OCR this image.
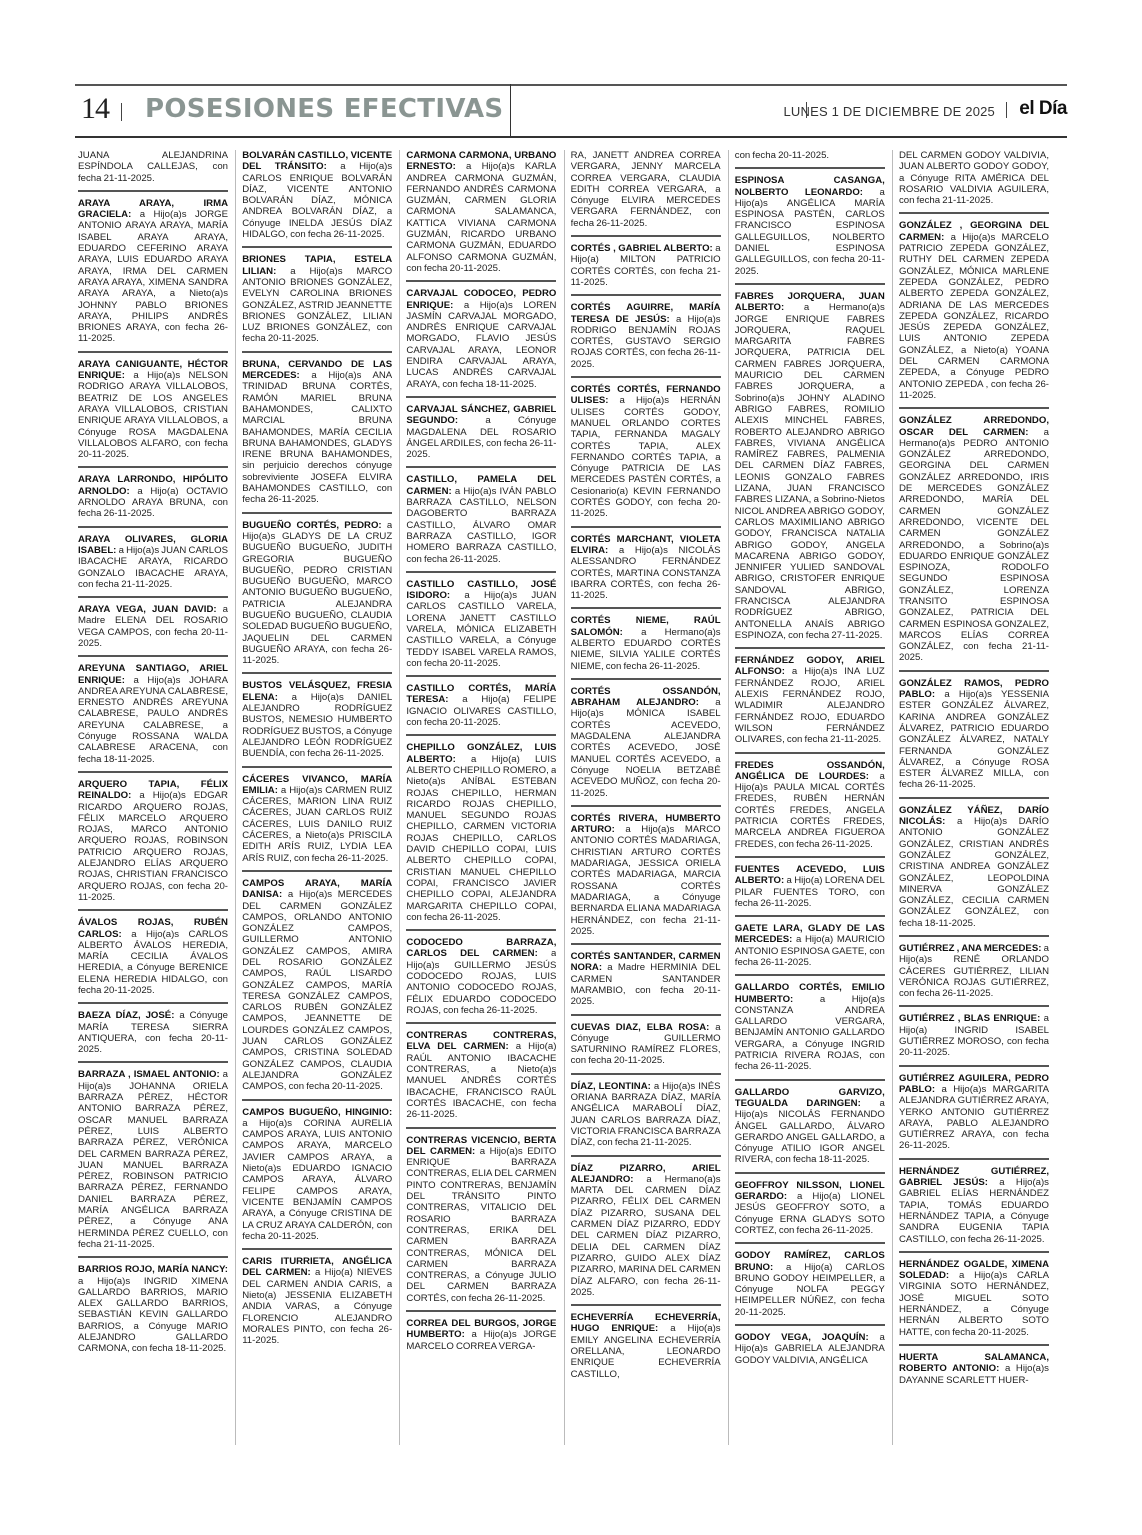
14 POSESIONES EFECTIVAS	LUNES 1 DE DICIEMBRE DE 2025 el Día
JUANA ALEJANDRINA ESPÍNDOLA CALLEJAS, con fecha 21-11-2025.
ARAYA ARAYA, IRMA GRACIELA: a Hijo(a)s JORGE ANTONIO ARAYA ARAYA, MARÍA ISABEL ARAYA ARAYA, EDUARDO CEFERINO ARAYA ARAYA, LUIS EDUARDO ARAYA ARAYA, IRMA DEL CARMEN ARAYA ARAYA, XIMENA SANDRA ARAYA ARAYA, a Nieto(a)s JOHNNY PABLO BRIONES ARAYA, PHILIPS ANDRÉS BRIONES ARAYA, con fecha 26-11-2025.
ARAYA CANIGUANTE, HÉCTOR ENRIQUE: a Hijo(a)s NELSON RODRIGO ARAYA VILLALOBOS, BEATRIZ DE LOS ANGELES ARAYA VILLALOBOS, CRISTIAN ENRIQUE ARAYA VILLALOBOS, a Cónyuge ROSA MAGDALENA VILLALOBOS ALFARO, con fecha 20-11-2025.
ARAYA LARRONDO, HIPÓLITO ARNOLDO: a Hijo(a) OCTAVIO ARNOLDO ARAYA BRUNA, con fecha 26-11-2025.
ARAYA OLIVARES, GLORIA ISABEL: a Hijo(a)s JUAN CARLOS IBACACHE ARAYA, RICARDO GONZALO IBACACHE ARAYA, con fecha 21-11-2025.
ARAYA VEGA, JUAN DAVID: a Madre ELENA DEL ROSARIO VEGA CAMPOS, con fecha 20-11-2025.
AREYUNA SANTIAGO, ARIEL ENRIQUE: a Hijo(a)s JOHARA ANDREA AREYUNA CALABRESE, ERNESTO ANDRÉS AREYUNA CALABRESE, PAULO ANDRÉS AREYUNA CALABRESE, a Cónyuge ROSSANA WALDA CALABRESE ARACENA, con fecha 18-11-2025.
ARQUERO TAPIA, FÉLIX REINALDO: a Hijo(a)s EDGAR RICARDO ARQUERO ROJAS, FÉLIX MARCELO ARQUERO ROJAS, MARCO ANTONIO ARQUERO ROJAS, ROBINSON PATRICIO ARQUERO ROJAS, ALEJANDRO ELÍAS ARQUERO ROJAS, CHRISTIAN FRANCISCO ARQUERO ROJAS, con fecha 20-11-2025.
ÁVALOS ROJAS, RUBÉN CARLOS: a Hijo(a)s CARLOS ALBERTO ÁVALOS HEREDIA, MARÍA CECILIA ÁVALOS HEREDIA, a Cónyuge BERENICE ELENA HEREDIA HIDALGO, con fecha 20-11-2025.
BAEZA DÍAZ, JOSÉ: a Cónyuge MARÍA TERESA SIERRA ANTIQUERA, con fecha 20-11-2025.
BARRAZA , ISMAEL ANTONIO: a Hijo(a)s JOHANNA ORIELA BARRAZA PÉREZ, HÉCTOR ANTONIO BARRAZA PÉREZ, OSCAR MANUEL BARRAZA PÉREZ, LUIS ALBERTO BARRAZA PÉREZ, VERÓNICA DEL CARMEN BARRAZA PÉREZ, JUAN MANUEL BARRAZA PÉREZ, ROBINSON PATRICIO BARRAZA PÉREZ, FERNANDO DANIEL BARRAZA PÉREZ, MARÍA ANGÉLICA BARRAZA PÉREZ, a Cónyuge ANA HERMINDA PÉREZ CUELLO, con fecha 21-11-2025.
BARRIOS ROJO, MARÍA NANCY: a Hijo(a)s INGRID XIMENA GALLARDO BARRIOS, MARIO ALEX GALLARDO BARRIOS, SEBASTIÁN KEVIN GALLARDO BARRIOS, a Cónyuge MARIO ALEJANDRO GALLARDO CARMONA, con fecha 18-11-2025.
BOLVARÁN CASTILLO, VICENTE DEL TRÁNSITO: a Hijo(a)s CARLOS ENRIQUE BOLVARÁN DÍAZ, VICENTE ANTONIO BOLVARÁN DÍAZ, MÓNICA ANDREA BOLVARÁN DÍAZ, a Cónyuge INELDA JESÚS DÍAZ HIDALGO, con fecha 26-11-2025.
BRIONES TAPIA, ESTELA LILIAN: a Hijo(a)s MARCO ANTONIO BRIONES GONZÁLEZ, EVELYN CAROLINA BRIONES GONZÁLEZ, ASTRID JEANNETTE BRIONES GONZÁLEZ, LILIAN LUZ BRIONES GONZÁLEZ, con fecha 20-11-2025.
BRUNA, CERVANDO DE LAS MERCEDES: a Hijo(a)s ANA TRINIDAD BRUNA CORTÉS, RAMÓN MARIEL BRUNA BAHAMONDES, CALIXTO MARCIAL BRUNA BAHAMONDES, MARÍA CECILIA BRUNA BAHAMONDES, GLADYS IRENE BRUNA BAHAMONDES, sin perjuicio derechos cónyuge sobreviviente JOSEFA ELVIRA BAHAMONDES CASTILLO, con fecha 26-11-2025.
BUGUEÑO CORTÉS, PEDRO: a Hijo(a)s GLADYS DE LA CRUZ BUGUEÑO BUGUEÑO, JUDITH GREGORIA BUGUEÑO BUGUEÑO, PEDRO CRISTIAN BUGUEÑO BUGUEÑO, MARCO ANTONIO BUGUEÑO BUGUEÑO, PATRICIA ALEJANDRA BUGUEÑO BUGUEÑO, CLAUDIA SOLEDAD BUGUEÑO BUGUEÑO, JAQUELIN DEL CARMEN BUGUEÑO ARAYA, con fecha 26-11-2025.
BUSTOS VELÁSQUEZ, FRESIA ELENA: a Hijo(a)s DANIEL ALEJANDRO RODRÍGUEZ BUSTOS, NEMESIO HUMBERTO RODRÍGUEZ BUSTOS, a Cónyuge ALEJANDRO LEÓN RODRÍGUEZ BUENDÍA, con fecha 26-11-2025.
CÁCERES VIVANCO, MARÍA EMILIA: a Hijo(a)s CARMEN RUIZ CÁCERES, MARION LINA RUIZ CÁCERES, JUAN CARLOS RUIZ CÁCERES, LUIS DANILO RUIZ CÁCERES, a Nieto(a)s PRISCILA EDITH ARÍS RUIZ, LYDIA LEA ARÍS RUIZ, con fecha 26-11-2025.
CAMPOS ARAYA, MARÍA DANISA: a Hijo(a)s MERCEDES DEL CARMEN GONZÁLEZ CAMPOS, ORLANDO ANTONIO GONZÁLEZ CAMPOS, GUILLERMO ANTONIO GONZÁLEZ CAMPOS, AMIRA DEL ROSARIO GONZÁLEZ CAMPOS, RAÚL LISARDO GONZÁLEZ CAMPOS, MARÍA TERESA GONZÁLEZ CAMPOS, CARLOS RUBÉN GONZÁLEZ CAMPOS, JEANNETTE DE LOURDES GONZÁLEZ CAMPOS, JUAN CARLOS GONZÁLEZ CAMPOS, CRISTINA SOLEDAD GONZÁLEZ CAMPOS, CLAUDIA ALEJANDRA GONZÁLEZ CAMPOS, con fecha 20-11-2025.
CAMPOS BUGUEÑO, HINGINIO: a Hijo(a)s CORINA AURELIA CAMPOS ARAYA, LUIS ANTONIO CAMPOS ARAYA, MARCELO JAVIER CAMPOS ARAYA, a Nieto(a)s EDUARDO IGNACIO CAMPOS ARAYA, ÁLVARO FELIPE CAMPOS ARAYA, VICENTE BENJAMÍN CAMPOS ARAYA, a Cónyuge CRISTINA DE LA CRUZ ARAYA CALDERÓN, con fecha 20-11-2025.
CARIS ITURRIETA, ANGÉLICA DEL CARMEN: a Hijo(a) NIEVES DEL CARMEN ANDIA CARIS, a Nieto(a) JESSENIA ELIZABETH ANDIA VARAS, a Cónyuge FLORENCIO ALEJANDRO MORALES PINTO, con fecha 26-11-2025.
CARMONA CARMONA, URBANO ERNESTO: a Hijo(a)s KARLA ANDREA CARMONA GUZMÁN, FERNANDO ANDRÉS CARMONA GUZMÁN, CARMEN GLORIA CARMONA SALAMANCA, KATTICA VIVIANA CARMONA GUZMÁN, RICARDO URBANO CARMONA GUZMÁN, EDUARDO ALFONSO CARMONA GUZMÁN, con fecha 20-11-2025.
CARVAJAL CODOCEO, PEDRO ENRIQUE: a Hijo(a)s LOREN JASMÍN CARVAJAL MORGADO, ANDRÉS ENRIQUE CARVAJAL MORGADO, FLAVIO JESÚS CARVAJAL ARAYA, LEONOR ENDIRA CARVAJAL ARAYA, LUCAS ANDRÉS CARVAJAL ARAYA, con fecha 18-11-2025.
CARVAJAL SÁNCHEZ, GABRIEL SEGUNDO:	a Cónyuge MAGDALENA DEL ROSARIO ÁNGEL ARDILES, con fecha 26-11-2025.
CASTILLO, PAMELA DEL CARMEN: a Hijo(a)s IVÁN PABLO BARRAZA CASTILLO, NELSON DAGOBERTO BARRAZA CASTILLO, ÁLVARO OMAR BARRAZA CASTILLO, IGOR HOMERO BARRAZA CASTILLO, con fecha 26-11-2025.
CASTILLO CASTILLO, JOSÉ ISIDORO: a Hijo(a)s JUAN CARLOS CASTILLO VARELA, LORENA JANETT CASTILLO VARELA, MÓNICA ELIZABETH CASTILLO VARELA, a Cónyuge TEDDY ISABEL VARELA RAMOS, con fecha 20-11-2025.
CASTILLO CORTÉS, MARÍA TERESA: a Hijo(a) FELIPE IGNACIO OLIVARES CASTILLO, con fecha 20-11-2025.
CHEPILLO GONZÁLEZ, LUIS ALBERTO: a Hijo(a) LUIS ALBERTO CHEPILLO ROMERO, a Nieto(a)s ANÍBAL ESTEBAN ROJAS CHEPILLO, HERMAN RICARDO ROJAS CHEPILLO, MANUEL SEGUNDO ROJAS CHEPILLO, CARMEN VICTORIA ROJAS CHEPILLO, CARLOS DAVID CHEPILLO COPAI, LUIS ALBERTO CHEPILLO COPAI, CRISTIAN MANUEL CHEPILLO COPAI, FRANCISCO JAVIER CHEPILLO COPAI, ALEJANDRA MARGARITA CHEPILLO COPAI, con fecha 26-11-2025.
CODOCEDO BARRAZA, CARLOS DEL CARMEN: a Hijo(a)s GUILLERMO JESÚS CODOCEDO ROJAS, LUIS ANTONIO CODOCEDO ROJAS, FÉLIX EDUARDO CODOCEDO ROJAS, con fecha 26-11-2025.
CONTRERAS CONTRERAS, ELVA DEL CARMEN: a Hijo(a) RAÚL ANTONIO IBACACHE CONTRERAS, a Nieto(a)s MANUEL ANDRÉS CORTÉS IBACACHE, FRANCISCO RAÚL CORTÉS IBACACHE, con fecha 26-11-2025.
CONTRERAS VICENCIO, BERTA DEL CARMEN: a Hijo(a)s EDITO ENRIQUE BARRAZA CONTRERAS, ELIA DEL CARMEN PINTO CONTRERAS, BENJAMÍN DEL TRÁNSITO PINTO CONTRERAS, VITALICIO DEL ROSARIO BARRAZA CONTRERAS, ERIKA DEL CARMEN BARRAZA CONTRERAS, MÓNICA DEL CARMEN BARRAZA CONTRERAS, a Cónyuge JULIO DEL CARMEN BARRAZA CORTÉS, con fecha 26-11-2025.
CORREA DEL BURGOS, JORGE HUMBERTO: a Hijo(a)s JORGE MARCELO CORREA VERGA-
RA, JANETT ANDREA CORREA VERGARA, JENNY MARCELA CORREA VERGARA, CLAUDIA EDITH CORREA VERGARA, a Cónyuge ELVIRA MERCEDES VERGARA FERNÁNDEZ, con fecha 26-11-2025.
CORTÉS , GABRIEL ALBERTO: a Hijo(a) MILTON PATRICIO CORTÉS CORTÉS, con fecha 21-11-2025.
CORTÉS AGUIRRE, MARÍA TERESA DE JESÚS: a Hijo(a)s RODRIGO BENJAMÍN ROJAS CORTÉS, GUSTAVO SERGIO ROJAS CORTÉS, con fecha 26-11-2025.
CORTÉS CORTÉS, FERNANDO ULISES: a Hijo(a)s HERNÁN ULISES CORTÉS GODOY, MANUEL ORLANDO CORTES TAPIA, FERNANDA MAGALY CORTÉS TAPIA, ALEX FERNANDO CORTÉS TAPIA, a Cónyuge PATRICIA DE LAS MERCEDES PASTÉN CORTÉS, a Cesionario(a) KEVIN FERNANDO CORTÉS GODOY, con fecha 20-11-2025.
CORTÉS MARCHANT, VIOLETA ELVIRA: a Hijo(a)s NICOLÁS ALESSANDRO FERNÁNDEZ CORTÉS, MARTINA CONSTANZA IBARRA CORTÉS, con fecha 26-11-2025.
CORTÉS NIEME, RAÚL SALOMÓN: a Hermano(a)s ALBERTO EDUARDO CORTÉS NIEME, SILVIA YALILE CORTÉS NIEME, con fecha 26-11-2025.
CORTÉS OSSANDÓN, ABRAHAM ALEJANDRO: a Hijo(a)s MÓNICA ISABEL CORTÉS ACEVEDO, MAGDALENA ALEJANDRA CORTÉS ACEVEDO, JOSÉ MANUEL CORTÉS ACEVEDO, a Cónyuge NOELIA BETZABÉ ACEVEDO MUÑOZ, con fecha 20-11-2025.
CORTÉS RIVERA, HUMBERTO ARTURO: a Hijo(a)s MARCO ANTONIO CORTÉS MADARIAGA, CHRISTIAN ARTURO CORTÉS MADARIAGA, JESSICA ORIELA CORTÉS MADARIAGA, MARCIA ROSSANA CORTÉS MADARIAGA, a Cónyuge BERNARDA ELIANA MADARIAGA HERNÁNDEZ, con fecha 21-11-2025.
CORTÉS SANTANDER, CARMEN NORA: a Madre HERMINIA DEL CARMEN SANTANDER MARAMBIO, con fecha 20-11-2025.
CUEVAS DIAZ, ELBA ROSA: a Cónyuge GUILLERMO SATURNINO RAMÍREZ FLORES, con fecha 20-11-2025.
DÍAZ, LEONTINA: a Hijo(a)s INÉS ORIANA BARRAZA DÍAZ, MARÍA ANGÉLICA MARABOLÍ DÍAZ, JUAN CARLOS BARRAZA DÍAZ, VICTORIA FRANCISCA BARRAZA DÍAZ, con fecha 21-11-2025.
DÍAZ PIZARRO, ARIEL ALEJANDRO: a Hermano(a)s MARTA DEL CARMEN DÍAZ PIZARRO, FÉLIX DEL CARMEN DÍAZ PIZARRO, SUSANA DEL CARMEN DÍAZ PIZARRO, EDDY DEL CARMEN DÍAZ PIZARRO, DELIA DEL CARMEN DÍAZ PIZARRO, GUIDO ALEX DÍAZ PIZARRO, MARINA DEL CARMEN DÍAZ ALFARO, con fecha 26-11-2025.
ECHEVERRÍA ECHEVERRÍA, HUGO ENRIQUE: a Hijo(a)s EMILY ANGELINA ECHEVERRÍA ORELLANA, LEONARDO ENRIQUE ECHEVERRÍA CASTILLO,
con fecha 20-11-2025.
ESPINOSA CASANGA, NOLBERTO LEONARDO: a Hijo(a)s ANGÉLICA MARÍA ESPINOSA PASTÉN, CARLOS FRANCISCO ESPINOSA GALLEGUILLOS, NOLBERTO DANIEL ESPINOSA GALLEGUILLOS, con fecha 20-11-2025.
FABRES JORQUERA, JUAN ALBERTO: a Hermano(a)s JORGE ENRIQUE FABRES JORQUERA, RAQUEL MARGARITA FABRES JORQUERA, PATRICIA DEL CARMEN FABRES JORQUERA, MAURICIO DEL CARMEN FABRES JORQUERA, a Sobrino(a)s JOHNY ALADINO ABRIGO FABRES, ROMILIO ALEXIS MINCHEL FABRES, ROBERTO ALEJANDRO ABRIGO FABRES, VIVIANA ANGÉLICA RAMÍREZ FABRES, PALMENIA DEL CARMEN DÍAZ FABRES, LEONIS GONZALO FABRES LIZANA, JUAN FRANCISCO FABRES LIZANA, a Sobrino-Nietos NICOL ANDREA ABRIGO GODOY, CARLOS MAXIMILIANO ABRIGO GODOY, FRANCISCA NATALIA ABRIGO GODOY, ANGELA MACARENA ABRIGO GODOY, JENNIFER YULIED SANDOVAL ABRIGO, CRISTOFER ENRIQUE SANDOVAL ABRIGO, FRANCISCA ALEJANDRA RODRÍGUEZ ABRIGO, ANTONELLA ANAÍS ABRIGO ESPINOZA, con fecha 27-11-2025.
FERNÁNDEZ GODOY, ARIEL ALFONSO: a Hijo(a)s INA LUZ FERNÁNDEZ ROJO, ARIEL ALEXIS FERNÁNDEZ ROJO, WLADIMIR ALEJANDRO FERNÁNDEZ ROJO, EDUARDO WILSON FERNÁNDEZ OLIVARES, con fecha 21-11-2025.
FREDES OSSANDÓN, ANGÉLICA DE LOURDES: a Hijo(a)s PAULA MICAL CORTÉS FREDES, RUBÉN HERNÁN CORTÉS FREDES, ANGELA PATRICIA CORTÉS FREDES, MARCELA ANDREA FIGUEROA FREDES, con fecha 26-11-2025.
FUENTES ACEVEDO, LUIS ALBERTO: a Hijo(a) LORENA DEL PILAR FUENTES TORO, con fecha 26-11-2025.
GAETE LARA, GLADY DE LAS MERCEDES: a Hijo(a) MAURICIO ANTONIO ESPINOSA GAETE, con fecha 26-11-2025.
GALLARDO CORTÉS, EMILIO HUMBERTO:	a Hijo(a)s CONSTANZA ANDREA GALLARDO VERGARA, BENJAMÍN ANTONIO GALLARDO VERGARA, a Cónyuge INGRID PATRICIA RIVERA ROJAS, con fecha 26-11-2025.
GALLARDO GARVIZO, TEGUALDA DARINGEN: a Hijo(a)s NICOLÁS FERNANDO ÁNGEL GALLARDO, ÁLVARO GERARDO ANGEL GALLARDO, a Cónyuge ATILIO IGOR ANGEL RIVERA, con fecha 18-11-2025.
GEOFFROY NILSSON, LIONEL GERARDO: a Hijo(a) LIONEL JESÚS GEOFFROY SOTO, a Cónyuge ERNA GLADYS SOTO CORTEZ, con fecha 26-11-2025.
GODOY RAMÍREZ, CARLOS BRUNO: a Hijo(a) CARLOS BRUNO GODOY HEIMPELLER, a Cónyuge NOLFA PEGGY HEIMPELLER NÚÑEZ, con fecha 20-11-2025.
GODOY VEGA, JOAQUÍN: a Hijo(a)s GABRIELA ALEJANDRA GODOY VALDIVIA, ANGÉLICA
DEL CARMEN GODOY VALDIVIA, JUAN ALBERTO GODOY GODOY, a Cónyuge RITA AMÉRICA DEL ROSARIO VALDIVIA AGUILERA, con fecha 21-11-2025.
GONZÁLEZ , GEORGINA DEL CARMEN: a Hijo(a)s MARCELO PATRICIO ZEPEDA GONZÁLEZ, RUTHY DEL CARMEN ZEPEDA GONZÁLEZ, MÓNICA MARLENE ZEPEDA GONZÁLEZ, PEDRO ALBERTO ZEPEDA GONZÁLEZ, ADRIANA DE LAS MERCEDES ZEPEDA GONZÁLEZ, RICARDO JESÚS ZEPEDA GONZÁLEZ, LUIS ANTONIO ZEPEDA GONZÁLEZ, a Nieto(a) YOANA DEL CARMEN CARMONA ZEPEDA, a Cónyuge PEDRO ANTONIO ZEPEDA , con fecha 26-11-2025.
GONZÁLEZ ARREDONDO, OSCAR DEL CARMEN: a Hermano(a)s PEDRO ANTONIO GONZÁLEZ ARREDONDO, GEORGINA DEL CARMEN GONZÁLEZ ARREDONDO, IRIS DE MERCEDES GONZÁLEZ ARREDONDO, MARÍA DEL CARMEN GONZÁLEZ ARREDONDO, VICENTE DEL CARMEN GONZÁLEZ ARREDONDO, a Sobrino(a)s EDUARDO ENRIQUE GONZÁLEZ ESPINOZA, RODOLFO SEGUNDO ESPINOSA GONZÁLEZ, LORENZA TRANSITO ESPINOSA GONZALEZ, PATRICIA DEL CARMEN ESPINOSA GONZALEZ, MARCOS ELÍAS CORREA GONZÁLEZ, con fecha 21-11-2025.
GONZÁLEZ RAMOS, PEDRO PABLO: a Hijo(a)s YESSENIA ESTER GONZÁLEZ ÁLVAREZ, KARINA ANDREA GONZÁLEZ ÁLVAREZ, PATRICIO EDUARDO GONZÁLEZ ÁLVAREZ, NATALY FERNANDA GONZÁLEZ ÁLVAREZ, a Cónyuge ROSA ESTER ÁLVAREZ MILLA, con fecha 26-11-2025.
GONZÁLEZ YÁÑEZ, DARÍO NICOLÁS: a Hijo(a)s DARÍO ANTONIO GONZÁLEZ GONZÁLEZ, CRISTIAN ANDRÉS GONZÁLEZ GONZÁLEZ, CRISTINA ANDREA GONZÁLEZ GONZÁLEZ, LEOPOLDINA MINERVA GONZÁLEZ GONZÁLEZ, CECILIA CARMEN GONZÁLEZ GONZÁLEZ, con fecha 18-11-2025.
GUTIÉRREZ , ANA MERCEDES: a Hijo(a)s RENÉ ORLANDO CÁCERES GUTIÉRREZ, LILIAN VERÓNICA ROJAS GUTIÉRREZ, con fecha 26-11-2025.
GUTIÉRREZ , BLAS ENRIQUE: a Hijo(a) INGRID ISABEL GUTIÉRREZ MOROSO, con fecha 20-11-2025.
GUTIÉRREZ AGUILERA, PEDRO PABLO: a Hijo(a)s MARGARITA ALEJANDRA GUTIÉRREZ ARAYA, YERKO ANTONIO GUTIÉRREZ ARAYA, PABLO ALEJANDRO GUTIÉRREZ ARAYA, con fecha 26-11-2025.
HERNÁNDEZ GUTIÉRREZ, GABRIEL JESÚS: a Hijo(a)s GABRIEL ELÍAS HERNÁNDEZ TAPIA, TOMÁS EDUARDO HERNÁNDEZ TAPIA, a Cónyuge SANDRA EUGENIA TAPIA CASTILLO, con fecha 26-11-2025.
HERNÁNDEZ OGALDE, XIMENA SOLEDAD: a Hijo(a)s CARLA VIRGINIA SOTO HERNÁNDEZ, JOSÉ MIGUEL SOTO HERNÁNDEZ, a Cónyuge HERNÁN ALBERTO SOTO HATTE, con fecha 20-11-2025.
HUERTA SALAMANCA, ROBERTO ANTONIO: a Hijo(a)s DAYANNE SCARLETT HUER-
